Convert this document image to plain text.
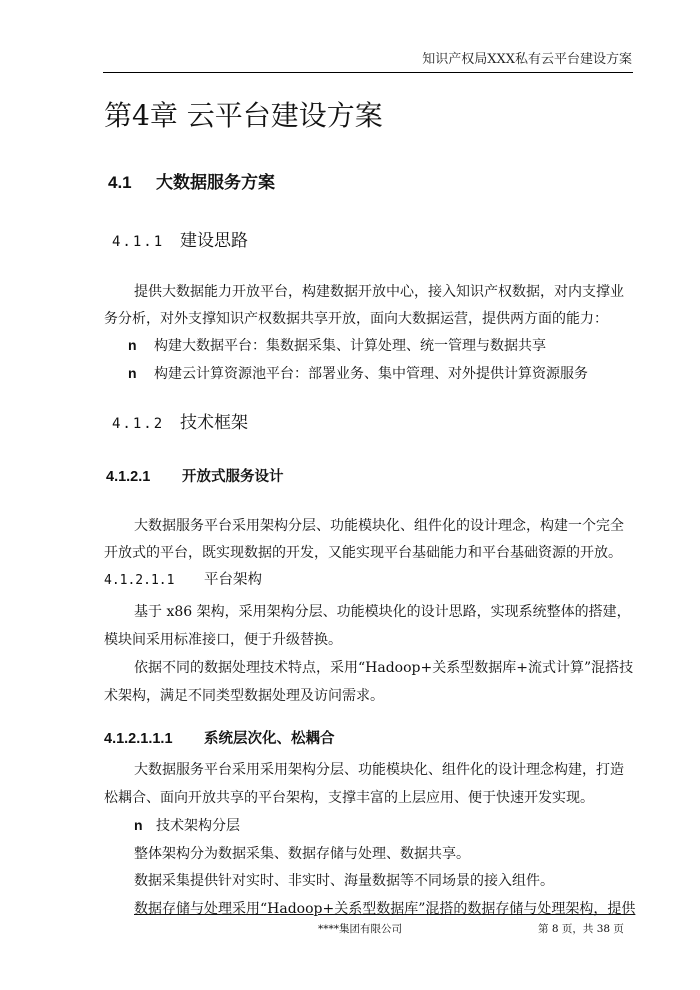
知识产权局XXX私有云平台建设方案
第4章 云平台建设方案
4.1 大数据服务方案
4.1.1 建设思路
提供大数据能力开放平台，构建数据开放中心，接入知识产权数据，对内支撑业
务分析，对外支撑知识产权数据共享开放，面向大数据运营，提供两方面的能力：
n 构建大数据平台：集数据采集、计算处理、统一管理与数据共享
n 构建云计算资源池平台：部署业务、集中管理、对外提供计算资源服务
4.1.2 技术框架
4.1.2.1 开放式服务设计
大数据服务平台采用架构分层、功能模块化、组件化的设计理念，构建一个完全
开放式的平台，既实现数据的开发，又能实现平台基础能力和平台基础资源的开放。
4.1.2.1.1 平台架构
基于 x86 架构，采用架构分层、功能模块化的设计思路，实现系统整体的搭建，
模块间采用标准接口，便于升级替换。
依据不同的数据处理技术特点，采用“Hadoop+关系型数据库+流式计算”混搭技
术架构，满足不同类型数据处理及访问需求。
4.1.2.1.1.1 系统层次化、松耦合
大数据服务平台采用采用架构分层、功能模块化、组件化的设计理念构建，打造
松耦合、面向开放共享的平台架构，支撑丰富的上层应用、便于快速开发实现。
n 技术架构分层
整体架构分为数据采集、数据存储与处理、数据共享。
数据采集提供针对实时、非实时、海量数据等不同场景的接入组件。
数据存储与处理采用“Hadoop+关系型数据库”混搭的数据存储与处理架构，提供
****集团有限公司	第 8 页，共 38 页
